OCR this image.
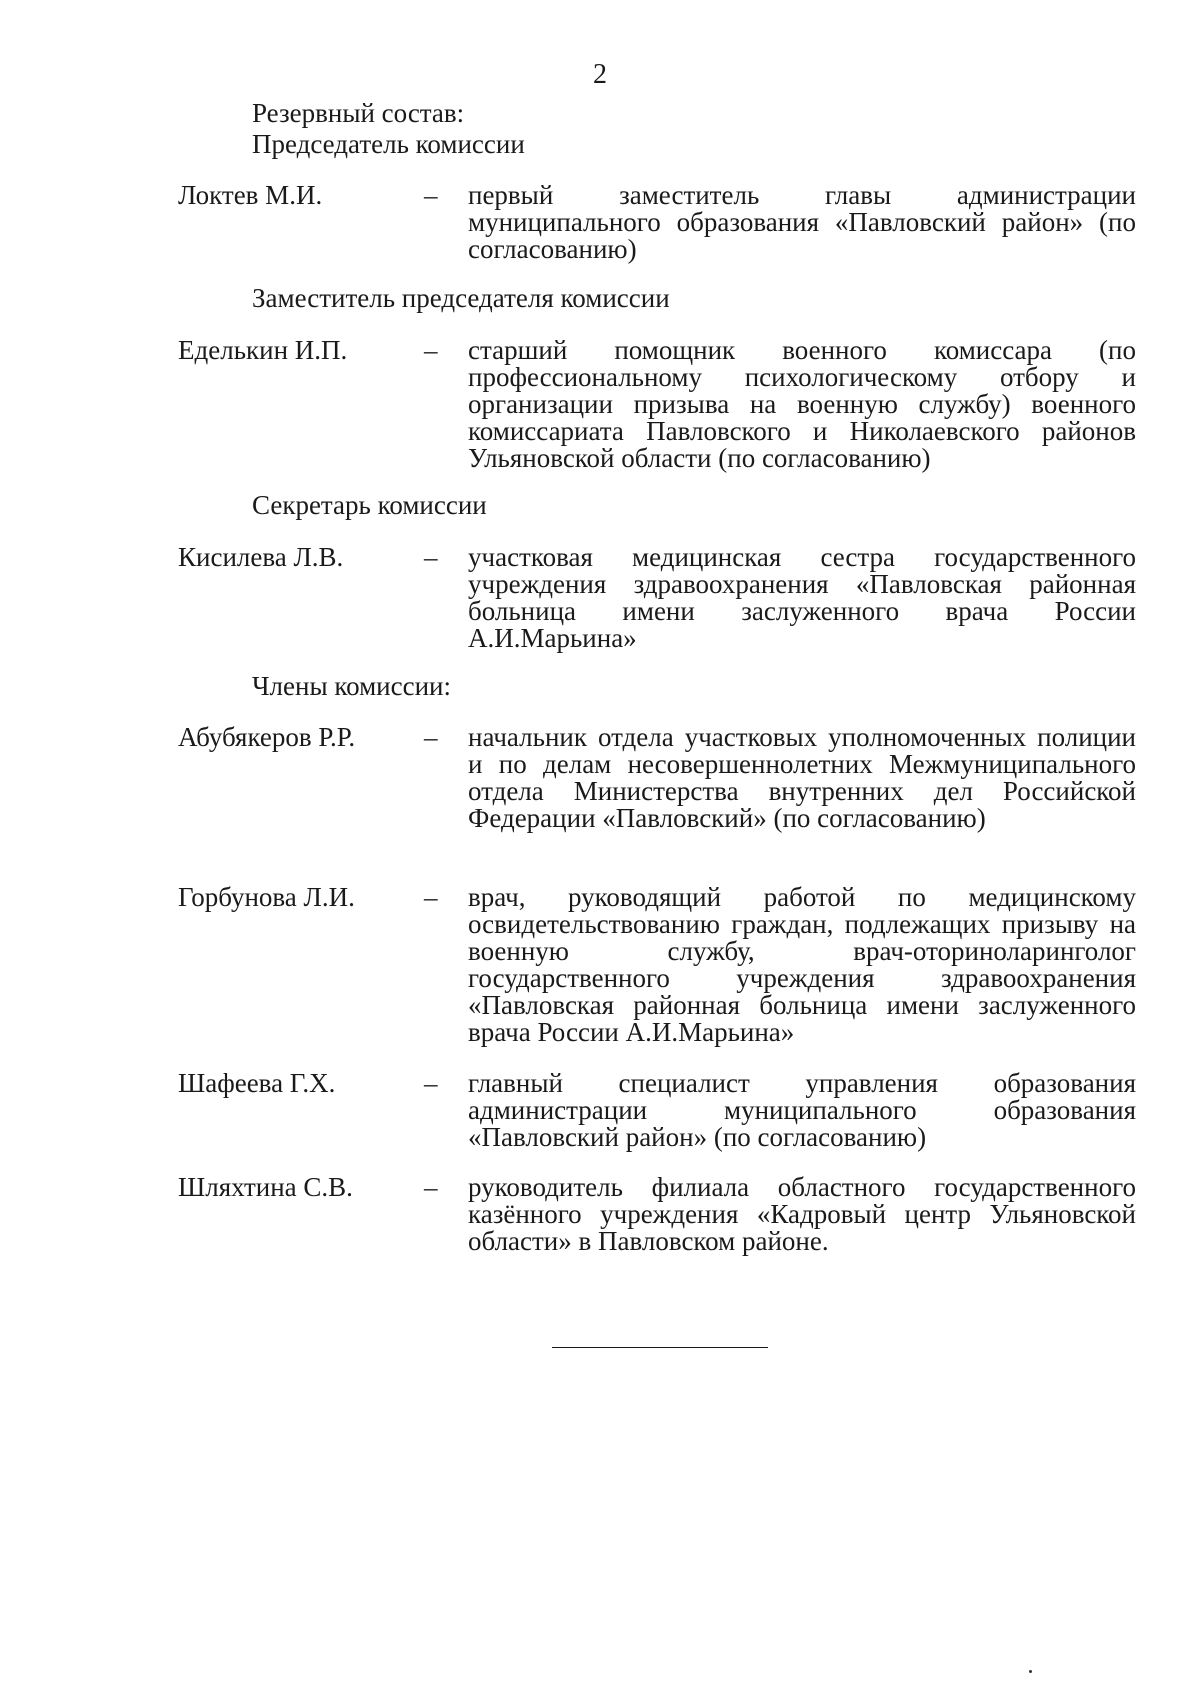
2
Резервный состав:
Председатель комиссии
Локтев М.И.	– первый заместитель главы администрации муниципального образования «Павловский район» (по согласованию)
Заместитель председателя комиссии
Еделькин И.П.	– старший помощник военного комиссара (по профессиональному психологическому отбору и организации призыва на военную службу) военного комиссариата Павловского и Николаевского районов Ульяновской области (по согласованию)
Секретарь комиссии
Кисилева Л.В.	– участковая медицинская сестра государственного учреждения здравоохранения «Павловская районная больница имени заслуженного врача России А.И.Марьина»
Члены комиссии:
Абубякеров Р.Р.	– начальник отдела участковых уполномоченных полиции и по делам несовершеннолетних Межмуниципального отдела Министерства внутренних дел Российской Федерации «Павловский» (по согласованию)
Горбунова Л.И.	– врач, руководящий работой по медицинскому освидетельствованию граждан, подлежащих призыву на военную службу, врач-оториноларинголог государственного учреждения здравоохранения «Павловская районная больница имени заслуженного врача России А.И.Марьина»
Шафеева Г.Х.	– главный специалист управления образования администрации муниципального образования «Павловский район» (по согласованию)
Шляхтина С.В.	– руководитель филиала областного государственного казённого учреждения «Кадровый центр Ульяновской области» в Павловском районе.
